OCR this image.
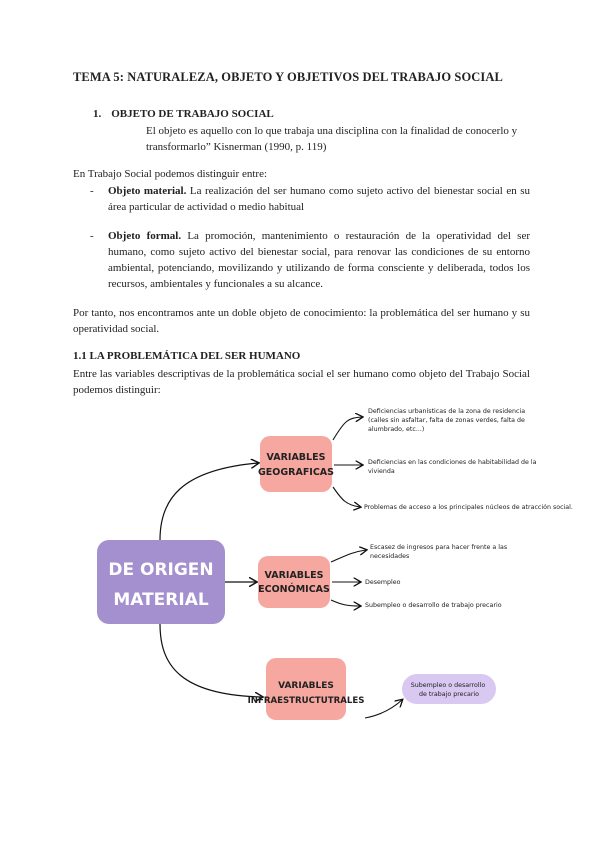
TEMA 5: NATURALEZA, OBJETO Y OBJETIVOS DEL TRABAJO SOCIAL
1. OBJETO DE TRABAJO SOCIAL
El objeto es aquello con lo que trabaja una disciplina con la finalidad de conocerlo y transformarlo” Kisnerman (1990, p. 119)
En Trabajo Social podemos distinguir entre:
- Objeto material. La realización del ser humano como sujeto activo del bienestar social en su área particular de actividad o medio habitual
- Objeto formal. La promoción, mantenimiento o restauración de la operatividad del ser humano, como sujeto activo del bienestar social, para renovar las condiciones de su entorno ambiental, potenciando, movilizando y utilizando de forma consciente y deliberada, todos los recursos, ambientales y funcionales a su alcance.
Por tanto, nos encontramos ante un doble objeto de conocimiento: la problemática del ser humano y su operatividad social.
1.1 LA PROBLEMÁTICA DEL SER HUMANO
Entre las variables descriptivas de la problemática social el ser humano como objeto del Trabajo Social podemos distinguir:
DE ORIGEN
MATERIAL
VARIABLES
GEOGRAFICAS
Deficiencias urbanísticas de la zona de residencia (calles sin asfaltar, falta de zonas verdes, falta de alumbrado, etc...)
Deficiencias en las condiciones de habitabilidad de la vivienda
Problemas de acceso a los principales núcleos de atracción social.
VARIABLES
ECONÓMICAS
Escasez de ingresos para hacer frente a las necesidades
Desempleo
Subempleo o desarrollo de trabajo precario
VARIABLES
INFRAESTRUCTUTRALES
Subempleo o desarrollo de trabajo precario
